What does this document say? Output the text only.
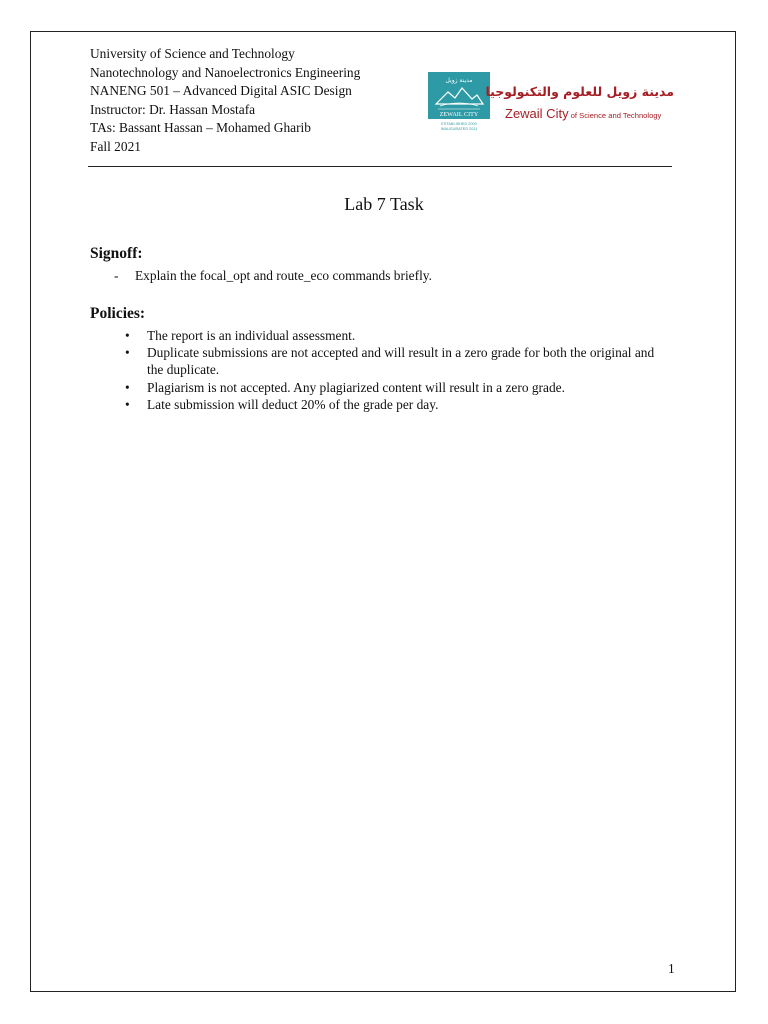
University of Science and Technology
Nanotechnology and Nanoelectronics Engineering
NANENG 501 – Advanced Digital ASIC Design
Instructor: Dr. Hassan Mostafa
TAs: Bassant Hassan – Mohamed Gharib
Fall 2021
مدينة زويل
ZEWAIL CITY
ESTABLISHED 2000
INAUGURATED 2011
مدينة زويل للعلوم والتكنولوجيا
Zewail City of Science and Technology
Lab 7 Task
Signoff:
- Explain the focal_opt and route_eco commands briefly.
Policies:
• The report is an individual assessment.
• Duplicate submissions are not accepted and will result in a zero grade for both the original and the duplicate.
• Plagiarism is not accepted. Any plagiarized content will result in a zero grade.
• Late submission will deduct 20% of the grade per day.
1
